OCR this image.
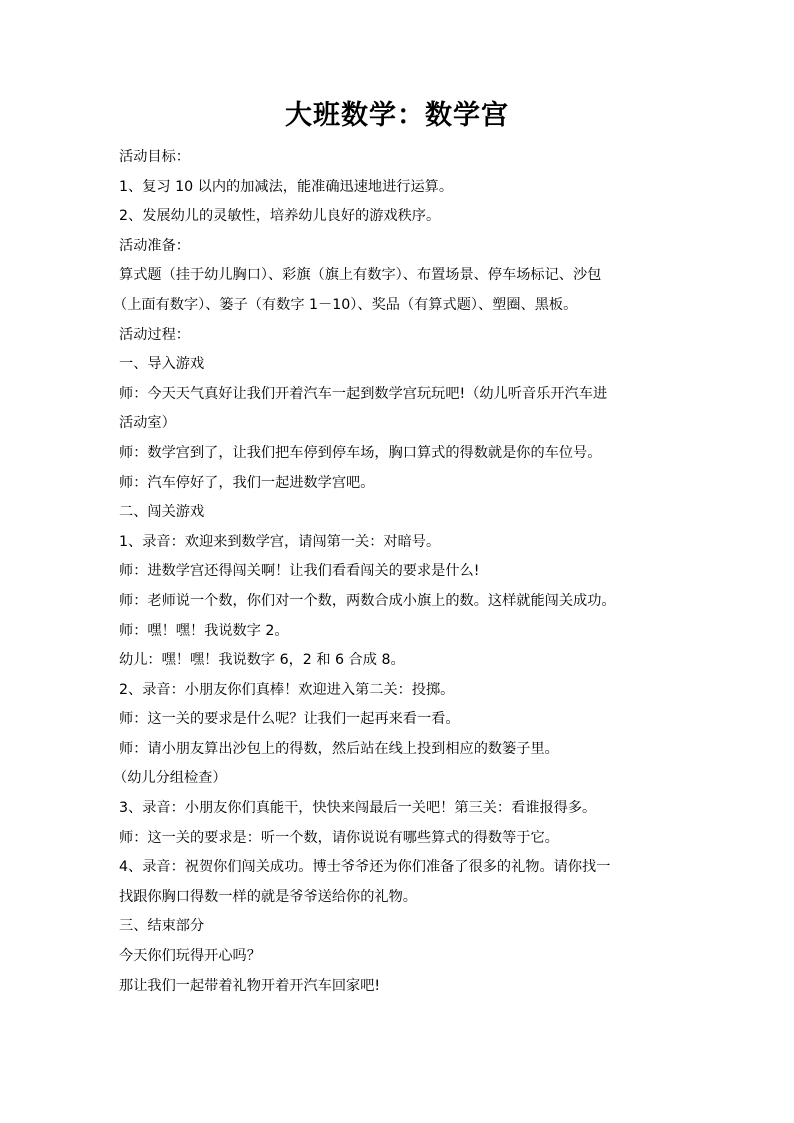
大班数学：数学宫
活动目标：
1、复习 10 以内的加减法，能准确迅速地进行运算。
2、发展幼儿的灵敏性，培养幼儿良好的游戏秩序。
活动准备：
算式题（挂于幼儿胸口）、彩旗（旗上有数字）、布置场景、停车场标记、沙包
（上面有数字）、篓子（有数字 1－10）、奖品（有算式题）、塑圈、黑板。
活动过程：
一、导入游戏
师：今天天气真好让我们开着汽车一起到数学宫玩玩吧!（幼儿听音乐开汽车进
活动室）
师：数学宫到了，让我们把车停到停车场，胸口算式的得数就是你的车位号。
师：汽车停好了，我们一起进数学宫吧。
二、闯关游戏
1、录音：欢迎来到数学宫，请闯第一关：对暗号。
师：进数学宫还得闯关啊！让我们看看闯关的要求是什么!
师：老师说一个数，你们对一个数，两数合成小旗上的数。这样就能闯关成功。
师：嘿！嘿！我说数字 2。
幼儿：嘿！嘿！我说数字 6，2 和 6 合成 8。
2、录音：小朋友你们真棒！欢迎进入第二关：投掷。
师：这一关的要求是什么呢？让我们一起再来看一看。
师：请小朋友算出沙包上的得数，然后站在线上投到相应的数篓子里。
（幼儿分组检查）
3、录音：小朋友你们真能干，快快来闯最后一关吧！第三关：看谁报得多。
师：这一关的要求是：听一个数，请你说说有哪些算式的得数等于它。
4、录音：祝贺你们闯关成功。博士爷爷还为你们准备了很多的礼物。请你找一
找跟你胸口得数一样的就是爷爷送给你的礼物。
三、结束部分
今天你们玩得开心吗？
那让我们一起带着礼物开着开汽车回家吧!
